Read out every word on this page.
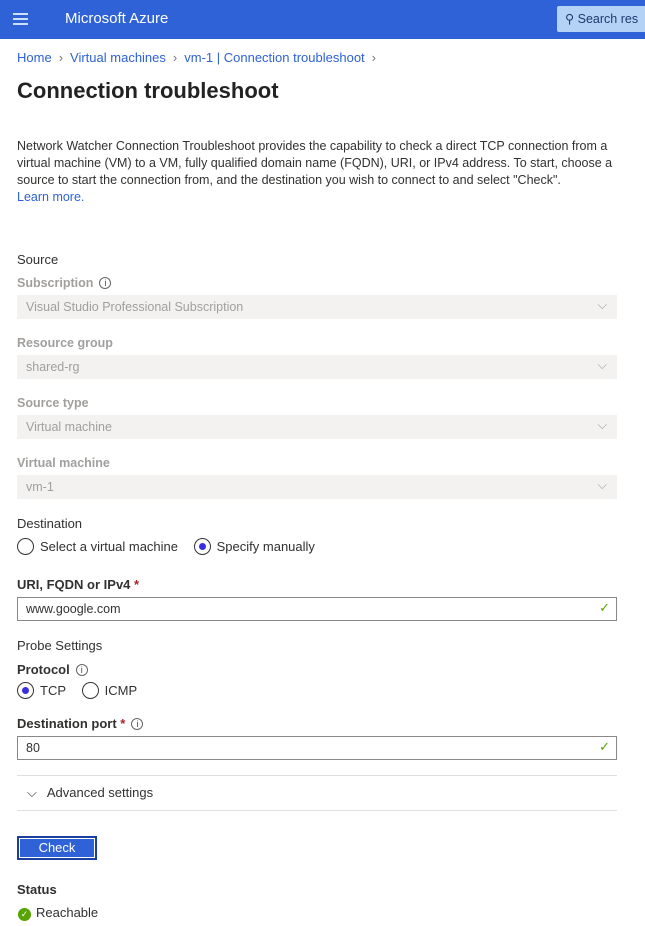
Microsoft Azure	⚲ Search res
Home › Virtual machines › vm-1 | Connection troubleshoot ›
Connection troubleshoot
Network Watcher Connection Troubleshoot provides the capability to check a direct TCP connection from a virtual machine (VM) to a VM, fully qualified domain name (FQDN), URI, or IPv4 address. To start, choose a source to start the connection from, and the destination you wish to connect to and select "Check".
Learn more.
Source
Subscription i
Visual Studio Professional Subscription	⌵
Resource group
shared-rg	⌵
Source type
Virtual machine	⌵
Virtual machine
vm-1	⌵
Destination
Select a virtual machine
	Specify manually
URI, FQDN or IPv4 *
www.google.com	✓
Probe Settings
Protocol i
TCP
	ICMP
Destination port * i
80	✓
⌵ Advanced settings
Check
Status
✓ Reachable
